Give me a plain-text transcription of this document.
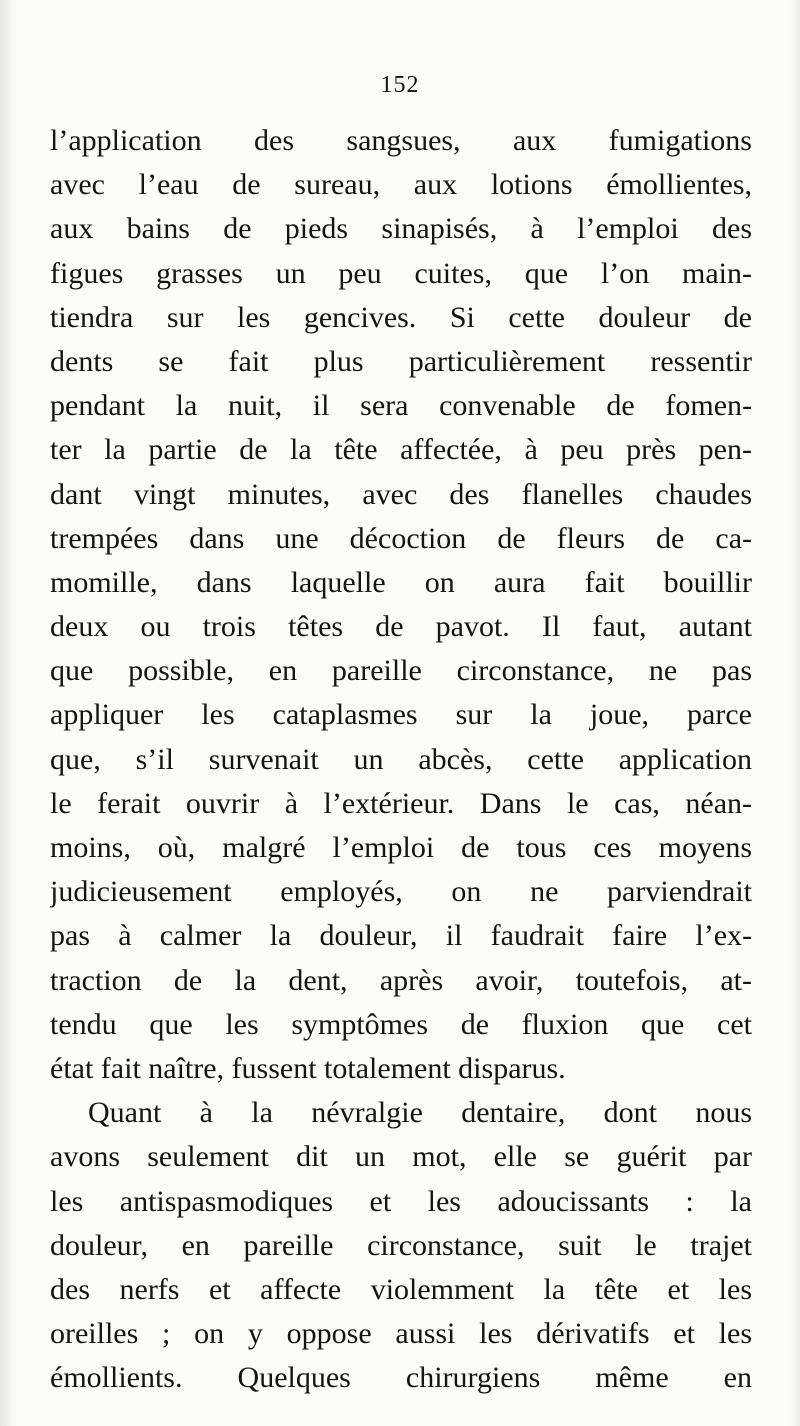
152
l’application des sangsues, aux fumigations
avec l’eau de sureau, aux lotions émollientes,
aux bains de pieds sinapisés, à l’emploi des
figues grasses un peu cuites, que l’on main-
tiendra sur les gencives. Si cette douleur de
dents se fait plus particulièrement ressentir
pendant la nuit, il sera convenable de fomen-
ter la partie de la tête affectée, à peu près pen-
dant vingt minutes, avec des flanelles chaudes
trempées dans une décoction de fleurs de ca-
momille, dans laquelle on aura fait bouillir
deux ou trois têtes de pavot. Il faut, autant
que possible, en pareille circonstance, ne pas
appliquer les cataplasmes sur la joue, parce
que, s’il survenait un abcès, cette application
le ferait ouvrir à l’extérieur. Dans le cas, néan-
moins, où, malgré l’emploi de tous ces moyens
judicieusement employés, on ne parviendrait
pas à calmer la douleur, il faudrait faire l’ex-
traction de la dent, après avoir, toutefois, at-
tendu que les symptômes de fluxion que cet
état fait naître, fussent totalement disparus.
Quant à la névralgie dentaire, dont nous
avons seulement dit un mot, elle se guérit par
les antispasmodiques et les adoucissants : la
douleur, en pareille circonstance, suit le trajet
des nerfs et affecte violemment la tête et les
oreilles ; on y oppose aussi les dérivatifs et les
émollients. Quelques chirurgiens même en
